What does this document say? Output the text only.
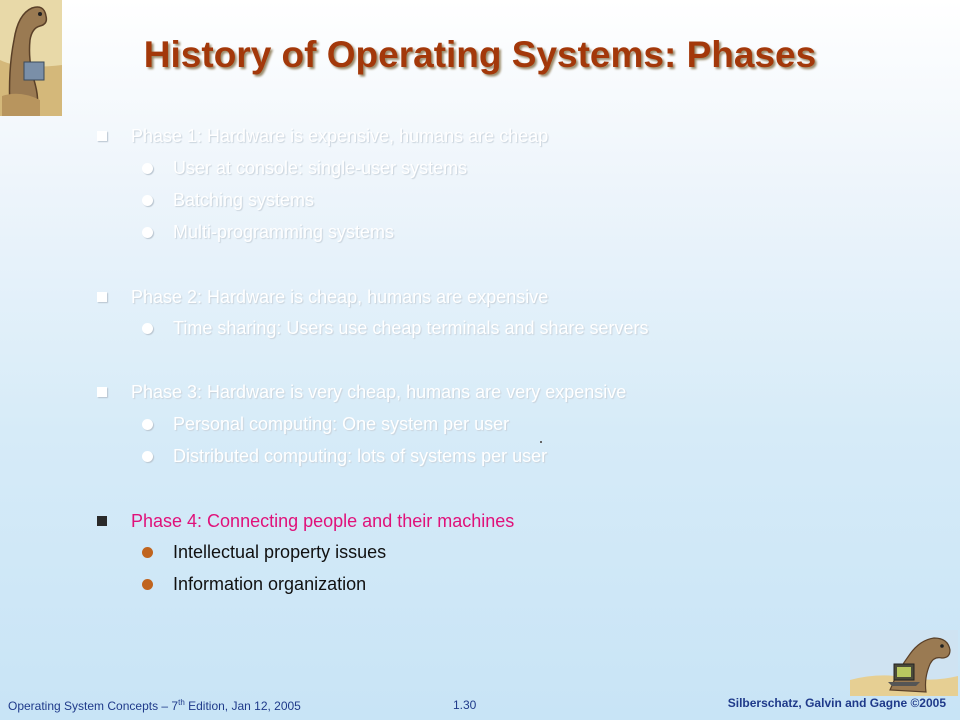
History of Operating Systems: Phases
Phase 1: Hardware is expensive, humans are cheap
User at console: single-user systems
Batching systems
Multi-programming systems
Phase 2: Hardware is cheap, humans are expensive
Time sharing: Users use cheap terminals and share servers
Phase 3: Hardware is very cheap, humans are very expensive
Personal computing: One system per user
Distributed computing: lots of systems per user
Phase 4: Connecting people and their machines
Intellectual property issues
Information organization
Operating System Concepts – 7th Edition, Jan 12, 2005	1.30	Silberschatz, Galvin and Gagne ©2005
